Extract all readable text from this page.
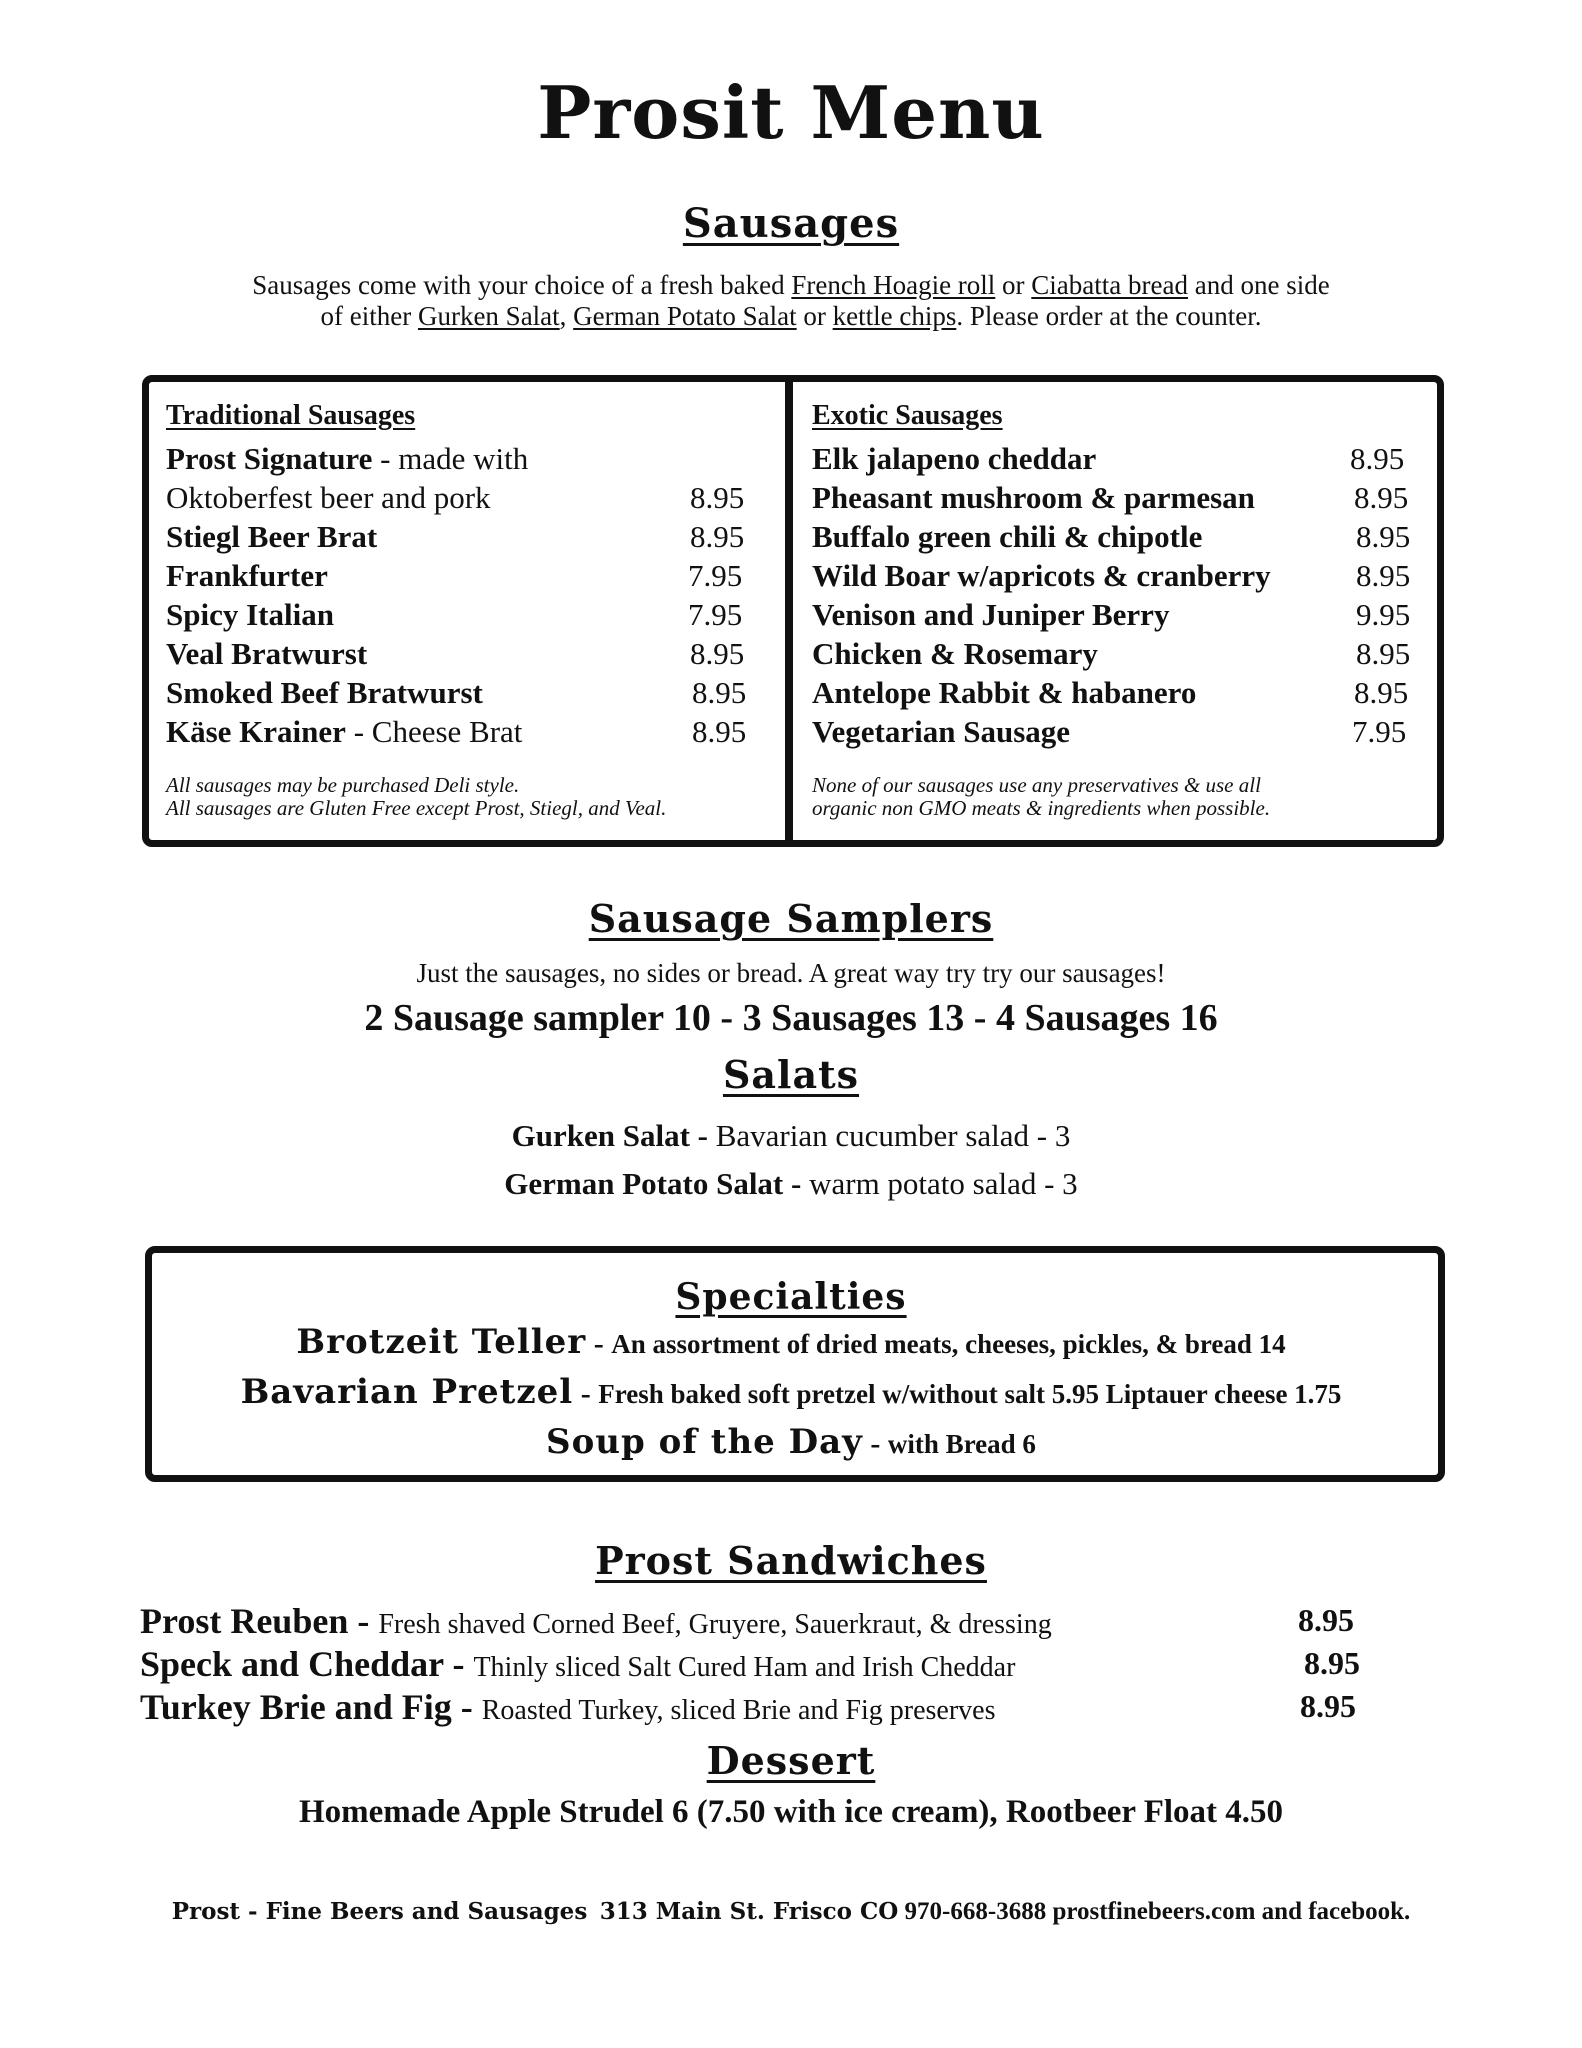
Prosit Menu
Sausages
Sausages come with your choice of a fresh baked French Hoagie roll or Ciabatta bread and one side
of either Gurken Salat, German Potato Salat or kettle chips. Please order at the counter.
Traditional Sausages
Prost Signature - made with
Oktoberfest beer and pork	8.95
Stiegl Beer Brat	8.95
Frankfurter	7.95
Spicy Italian	7.95
Veal Bratwurst	8.95
Smoked Beef Bratwurst	8.95
Käse Krainer - Cheese Brat	8.95
All sausages may be purchased Deli style.
All sausages are Gluten Free except Prost, Stiegl, and Veal.
Exotic Sausages
Elk jalapeno cheddar	8.95
Pheasant mushroom & parmesan	8.95
Buffalo green chili & chipotle	8.95
Wild Boar w/apricots & cranberry	8.95
Venison and Juniper Berry	9.95
Chicken & Rosemary	8.95
Antelope Rabbit & habanero	8.95
Vegetarian Sausage	7.95
None of our sausages use any preservatives & use all
organic non GMO meats & ingredients when possible.
Sausage Samplers
Just the sausages, no sides or bread. A great way try try our sausages!
2 Sausage sampler 10 - 3 Sausages 13 - 4 Sausages 16
Salats
Gurken Salat - Bavarian cucumber salad - 3
German Potato Salat - warm potato salad - 3
Specialties
Brotzeit Teller - An assortment of dried meats, cheeses, pickles, & bread 14
Bavarian Pretzel - Fresh baked soft pretzel w/without salt 5.95 Liptauer cheese 1.75
Soup of the Day - with Bread 6
Prost Sandwiches
Prost Reuben - Fresh shaved Corned Beef, Gruyere, Sauerkraut, & dressing	8.95
Speck and Cheddar - Thinly sliced Salt Cured Ham and Irish Cheddar	8.95
Turkey Brie and Fig - Roasted Turkey, sliced Brie and Fig preserves	8.95
Dessert
Homemade Apple Strudel 6 (7.50 with ice cream), Rootbeer Float 4.50
Prost - Fine Beers and Sausages 313 Main St. Frisco CO 970-668-3688 prostfinebeers.com and facebook.
